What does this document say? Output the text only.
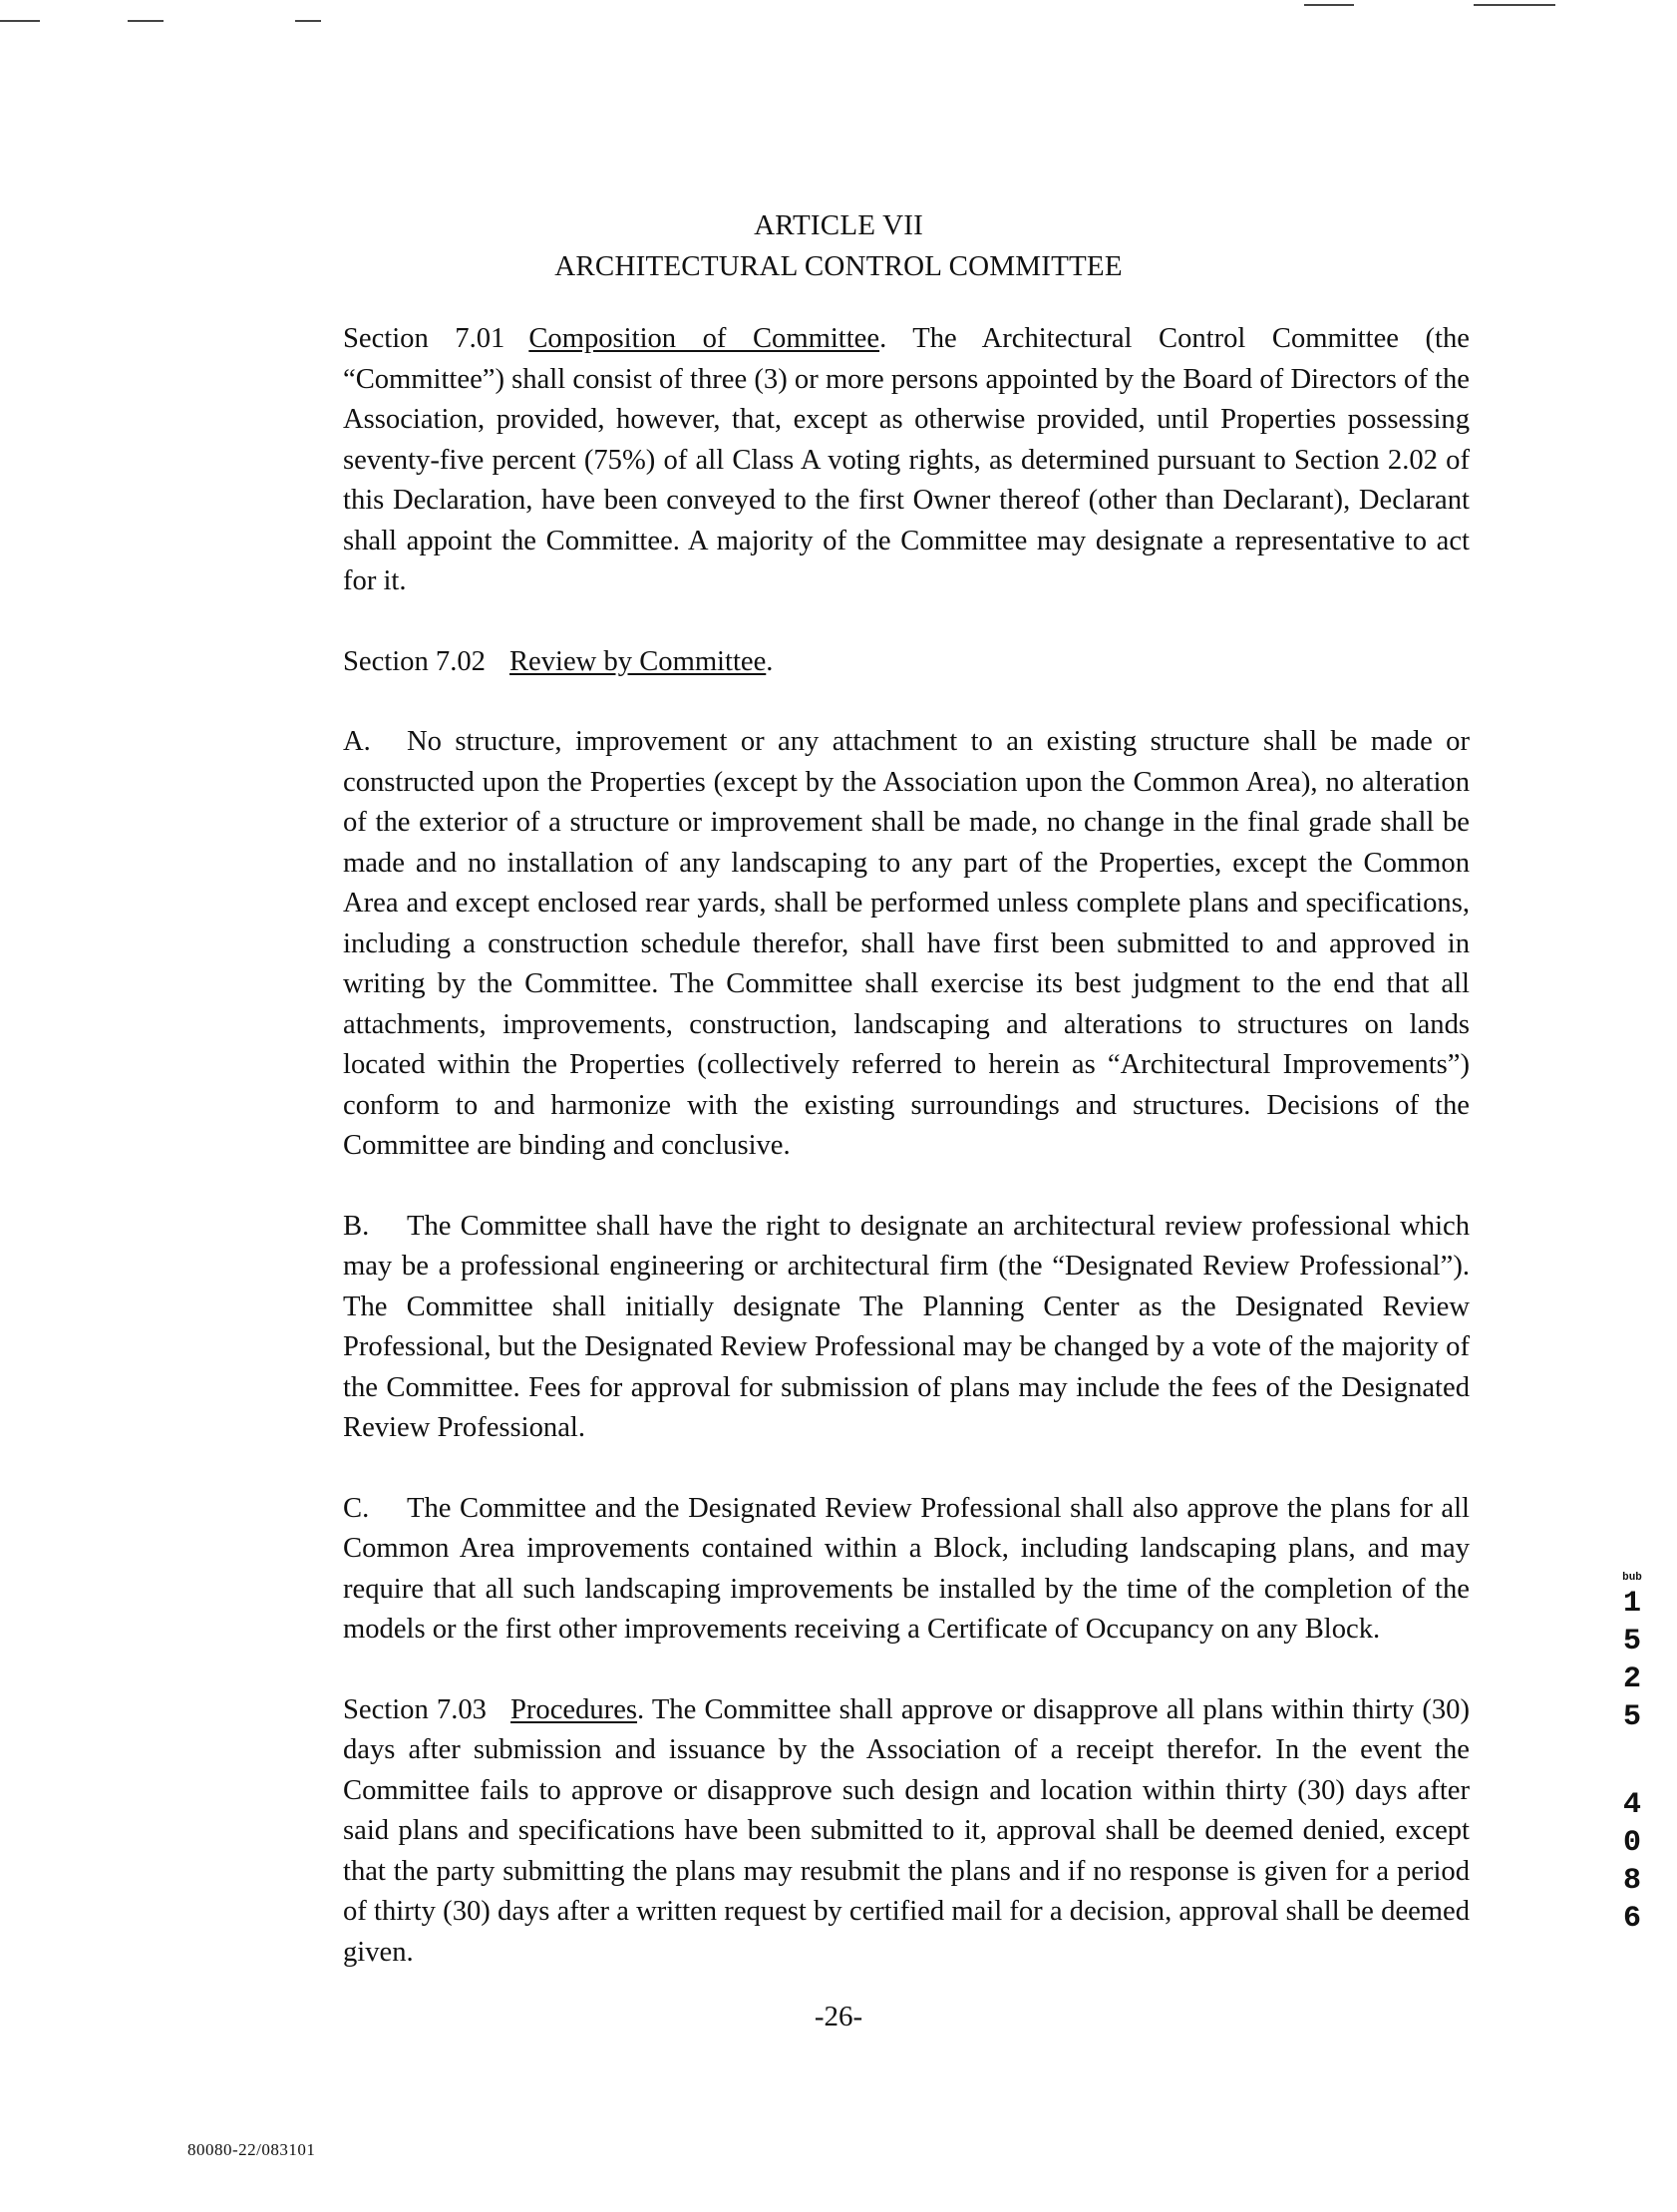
ARTICLE VII
ARCHITECTURAL CONTROL COMMITTEE

Section 7.01 Composition of Committee. The Architectural Control Committee (the “Committee”) shall consist of three (3) or more persons appointed by the Board of Directors of the Association, provided, however, that, except as otherwise provided, until Properties possessing seventy-five percent (75%) of all Class A voting rights, as determined pursuant to Section 2.02 of this Declaration, have been conveyed to the first Owner thereof (other than Declarant), Declarant shall appoint the Committee. A majority of the Committee may designate a representative to act for it.

Section 7.02 Review by Committee.

A. No structure, improvement or any attachment to an existing structure shall be made or constructed upon the Properties (except by the Association upon the Common Area), no alteration of the exterior of a structure or improvement shall be made, no change in the final grade shall be made and no installation of any landscaping to any part of the Properties, except the Common Area and except enclosed rear yards, shall be performed unless complete plans and specifications, including a construction schedule therefor, shall have first been submitted to and approved in writing by the Committee. The Committee shall exercise its best judgment to the end that all attachments, improvements, construction, landscaping and alterations to structures on lands located within the Properties (collectively referred to herein as “Architectural Improvements”) conform to and harmonize with the existing surroundings and structures. Decisions of the Committee are binding and conclusive.

B. The Committee shall have the right to designate an architectural review professional which may be a professional engineering or architectural firm (the “Designated Review Professional”). The Committee shall initially designate The Planning Center as the Designated Review Professional, but the Designated Review Professional may be changed by a vote of the majority of the Committee. Fees for approval for submission of plans may include the fees of the Designated Review Professional.

C. The Committee and the Designated Review Professional shall also approve the plans for all Common Area improvements contained within a Block, including landscaping plans, and may require that all such landscaping improvements be installed by the time of the completion of the models or the first other improvements receiving a Certificate of Occupancy on any Block.

Section 7.03 Procedures. The Committee shall approve or disapprove all plans within thirty (30) days after submission and issuance by the Association of a receipt therefor. In the event the Committee fails to approve or disapprove such design and location within thirty (30) days after said plans and specifications have been submitted to it, approval shall be deemed denied, except that the party submitting the plans may resubmit the plans and if no response is given for a period of thirty (30) days after a written request by certified mail for a decision, approval shall be deemed given.

-26-
80080-22/083101
bub
1
5
2
5
4
0
8
6
